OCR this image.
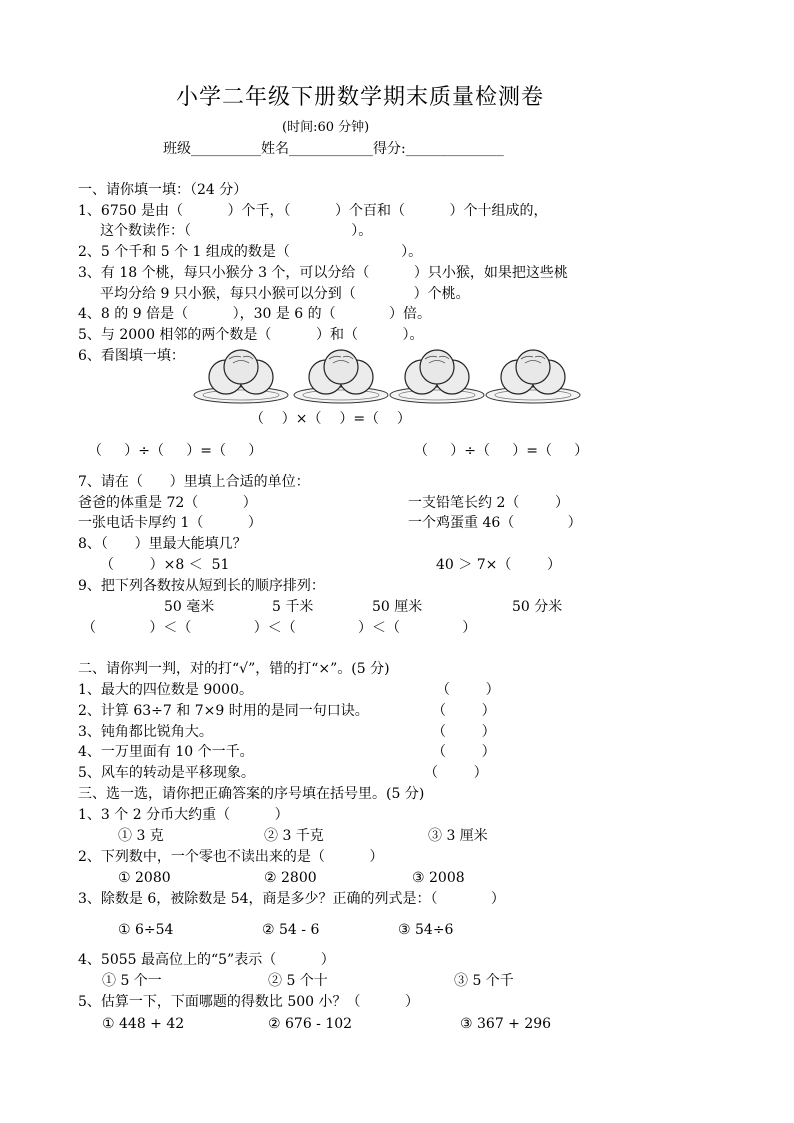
小学二年级下册数学期末质量检测卷
(时间:60 分钟)
班级__________姓名____________得分:______________
一、请你填一填：（24 分）
1、6750 是由（          ）个千，（          ）个百和（          ）个十组成的，
这个数读作：（                                    ）。
2、5 个千和 5 个 1 组成的数是（                         ）。
3、有 18 个桃，每只小猴分 3 个，可以分给（          ）只小猴，如果把这些桃
平均分给 9 只小猴，每只小猴可以分到（             ）个桃。
4、8 的 9 倍是（          ），30 是 6 的（            ）倍。
5、与 2000 相邻的两个数是（          ）和（          ）。
6、看图填一填：
（    ）×（    ）=（    ）
（     ）÷（     ）=（     ）	（     ）÷（     ）=（     ）
7、请在（      ）里填上合适的单位：
爸爸的体重是 72（          ）	一支铅笔长约 2（        ）
一张电话卡厚约 1（          ）	一个鸡蛋重 46（            ）
8、（      ）里最大能填几？
（        ）×8 ＜  51	40 ＞ 7×（        ）
9、把下列各数按从短到长的顺序排列：
50 毫米	5 千米	50 厘米	50 分米
（            ）＜（              ）＜（              ）＜（              ）
二、请你判一判，对的打“√”，错的打“×”。(5 分)
1、最大的四位数是 9000。	（        ）
2、计算 63÷7 和 7×9 时用的是同一句口诀。	（        ）
3、钝角都比锐角大。	（        ）
4、一万里面有 10 个一千。	（        ）
5、风车的转动是平移现象。	（        ）
三、选一选，请你把正确答案的序号填在括号里。(5 分)
1、3 个 2 分币大约重（          ）
① 3 克	② 3 千克	③ 3 厘米
2、下列数中，一个零也不读出来的是（          ）
① 2080	② 2800	③ 2008
3、除数是 6，被除数是 54，商是多少？正确的列式是：（            ）
① 6÷54	② 54 - 6	③ 54÷6
4、5055 最高位上的“5”表示（          ）
① 5 个一	② 5 个十	③ 5 个千
5、估算一下，下面哪题的得数比 500 小？（          ）
① 448 + 42	② 676 - 102	③ 367 + 296
